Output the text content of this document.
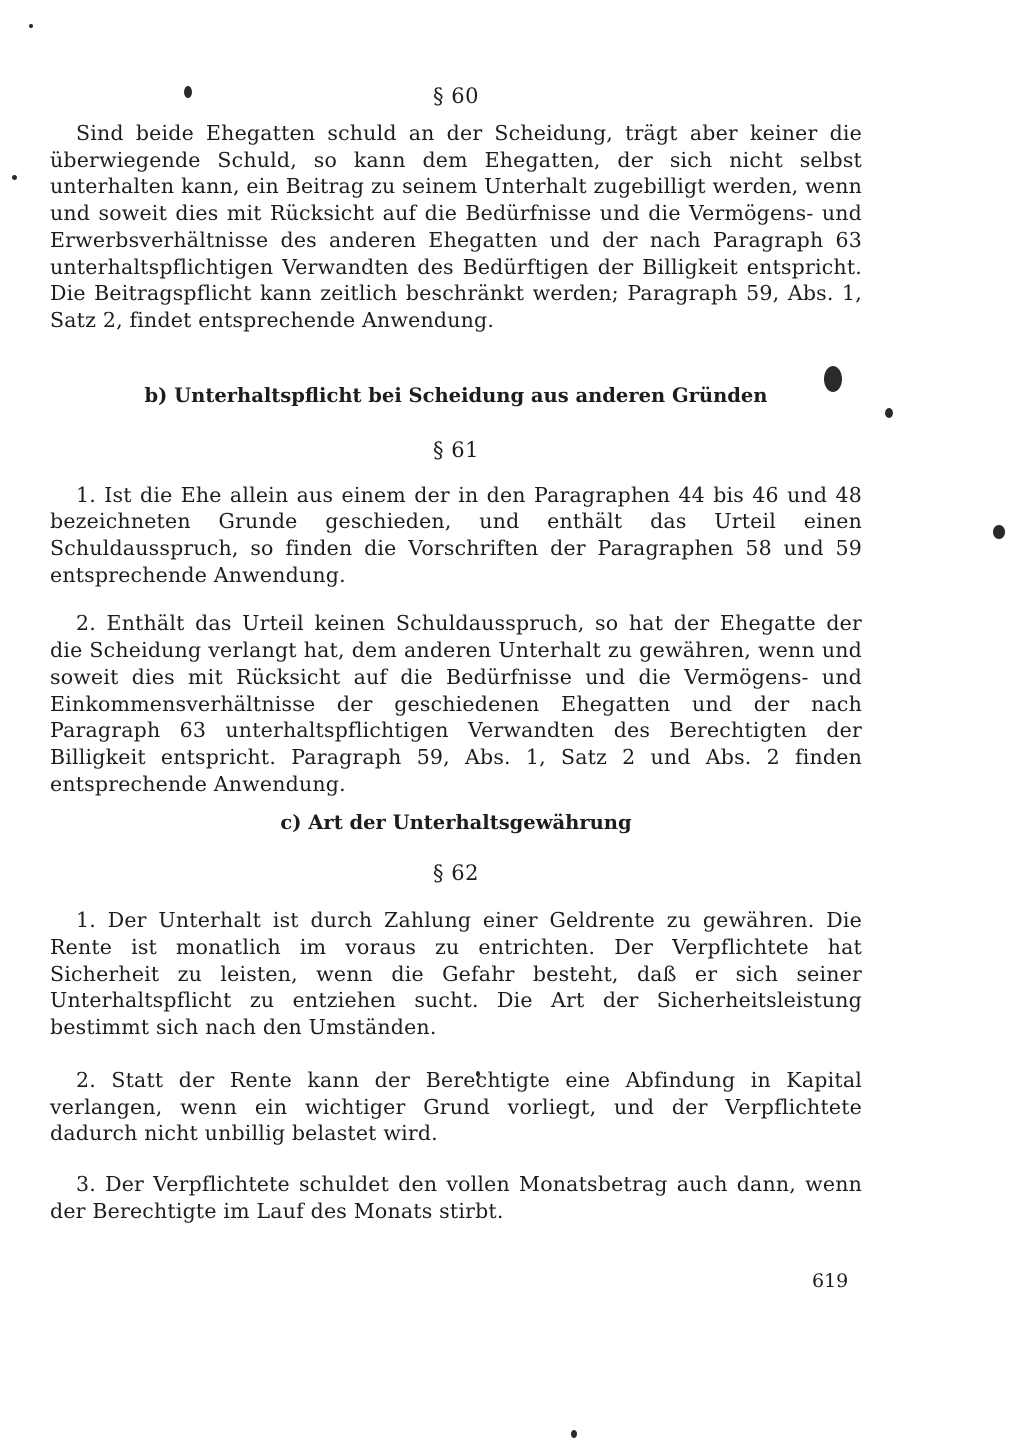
§ 60

Sind beide Ehegatten schuld an der Scheidung, trägt aber keiner die überwiegende Schuld, so kann dem Ehegatten, der sich nicht selbst unterhalten kann, ein Beitrag zu seinem Unterhalt zugebilligt werden, wenn und soweit dies mit Rücksicht auf die Bedürfnisse und die Vermögens- und Erwerbsverhältnisse des anderen Ehegatten und der nach Paragraph 63 unterhaltspflichtigen Verwandten des Bedürftigen der Billigkeit entspricht. Die Beitragspflicht kann zeitlich beschränkt werden; Paragraph 59, Abs. 1, Satz 2, findet entsprechende Anwendung.

b) Unterhaltspflicht bei Scheidung aus anderen Gründen
§ 61

1. Ist die Ehe allein aus einem der in den Paragraphen 44 bis 46 und 48 bezeichneten Grunde geschieden, und enthält das Urteil einen Schuldausspruch, so finden die Vorschriften der Paragraphen 58 und 59 entsprechende Anwendung.

2. Enthält das Urteil keinen Schuldausspruch, so hat der Ehegatte der die Scheidung verlangt hat, dem anderen Unterhalt zu gewähren, wenn und soweit dies mit Rücksicht auf die Bedürfnisse und die Vermögens- und Einkommensverhältnisse der geschiedenen Ehegatten und der nach Paragraph 63 unterhaltspflichtigen Verwandten des Berechtigten der Billigkeit entspricht. Paragraph 59, Abs. 1, Satz 2 und Abs. 2 finden entsprechende Anwendung.

c) Art der Unterhaltsgewährung
§ 62

1. Der Unterhalt ist durch Zahlung einer Geldrente zu gewähren. Die Rente ist monatlich im voraus zu entrichten. Der Verpflichtete hat Sicherheit zu leisten, wenn die Gefahr besteht, daß er sich seiner Unterhaltspflicht zu entziehen sucht. Die Art der Sicherheitsleistung bestimmt sich nach den Umständen.

2. Statt der Rente kann der Berechtigte eine Abfindung in Kapital verlangen, wenn ein wichtiger Grund vorliegt, und der Verpflichtete dadurch nicht unbillig belastet wird.

3. Der Verpflichtete schuldet den vollen Monatsbetrag auch dann, wenn der Berechtigte im Lauf des Monats stirbt.

619
